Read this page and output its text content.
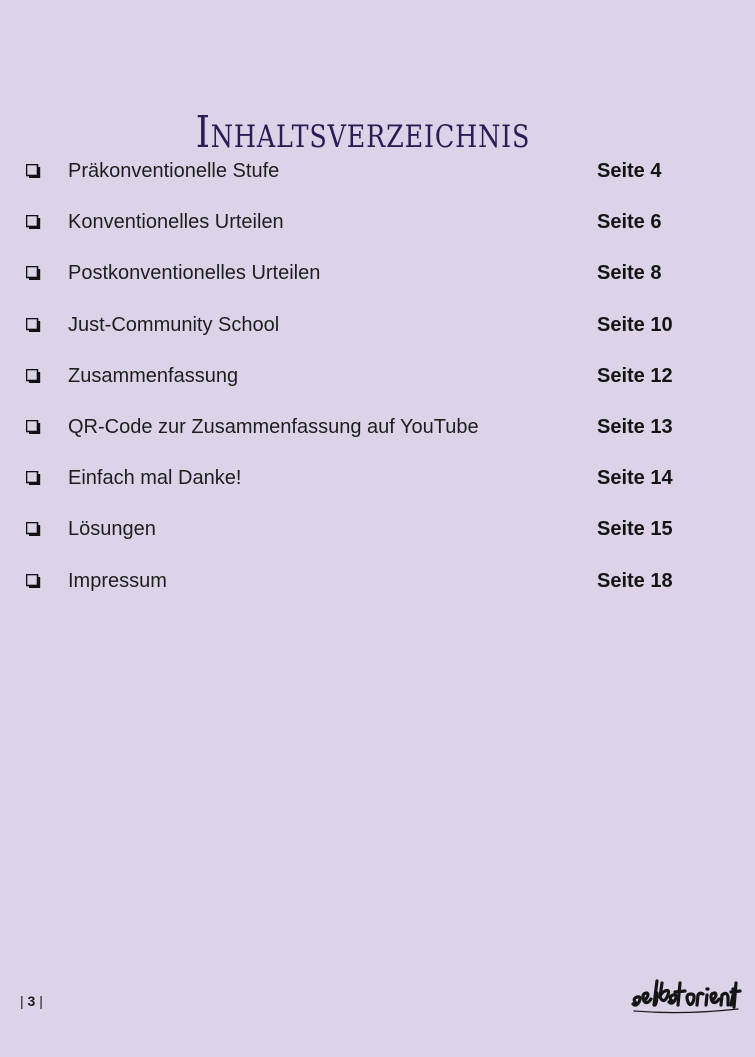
Inhaltsverzeichnis
Präkonventionelle Stufe	Seite 4
Konventionelles Urteilen	Seite 6
Postkonventionelles Urteilen	Seite 8
Just-Community School	Seite 10
Zusammenfassung	Seite 12
QR-Code zur Zusammenfassung auf YouTube	Seite 13
Einfach mal Danke!	Seite 14
Lösungen	Seite 15
Impressum	Seite 18
| 3 |
